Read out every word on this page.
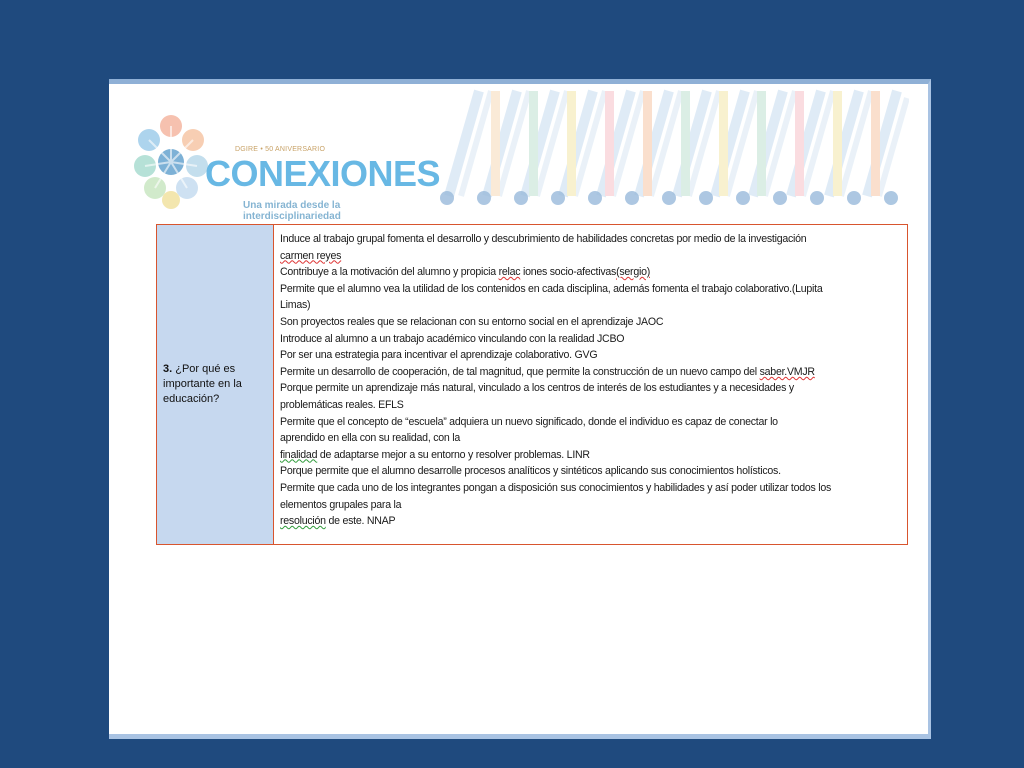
DGIRE • 50 ANIVERSARIO
CONEXIONES
Una mirada desde la interdisciplinariedad
3. ¿Por qué es importante en la educación?	
Induce al trabajo grupal fomenta el desarrollo y descubrimiento de habilidades concretas por medio de la investigación
carmen reyes
Contribuye a la motivación del alumno y propicia relac iones socio-afectivas(sergio)
Permite que el alumno vea la utilidad de los contenidos en cada disciplina, además fomenta el trabajo colaborativo.(Lupita
Limas)
Son proyectos reales que se relacionan con su entorno social en el aprendizaje JAOC
Introduce al alumno a un trabajo académico vinculando con la realidad JCBO
Por ser una estrategia para incentivar el aprendizaje colaborativo. GVG
Permite un desarrollo de cooperación, de tal magnitud, que permite la construcción de un nuevo campo del saber.VMJR
Porque permite un aprendizaje más natural, vinculado a los centros de interés de los estudiantes y a necesidades y
problemáticas reales. EFLS
Permite que el concepto de “escuela” adquiera un nuevo significado, donde el individuo es capaz de conectar lo
aprendido en ella con su realidad, con la
finalidad de adaptarse mejor a su entorno y resolver problemas. LINR
Porque permite que el alumno desarrolle procesos analíticos y sintéticos aplicando sus conocimientos holísticos.
Permite que cada uno de los integrantes pongan a disposición sus conocimientos y habilidades y así poder utilizar todos los
elementos grupales para la
resolución de este. NNAP
